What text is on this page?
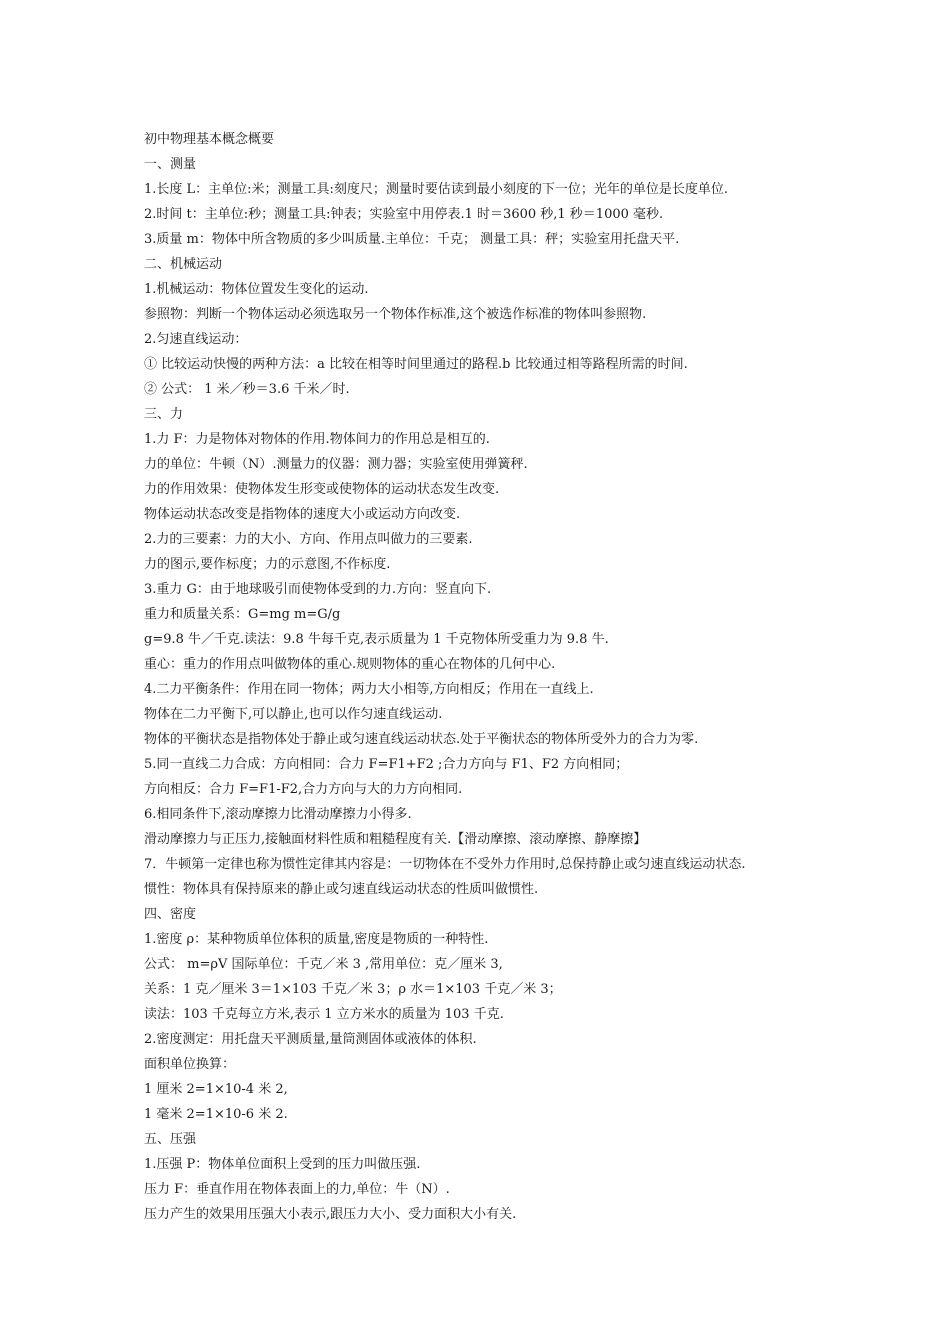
初中物理基本概念概要
一、测量
1.长度 L：主单位:米；测量工具:刻度尺；测量时要估读到最小刻度的下一位；光年的单位是长度单位.
2.时间 t：主单位:秒；测量工具:钟表；实验室中用停表.1 时＝3600 秒,1 秒＝1000 毫秒.
3.质量 m：物体中所含物质的多少叫质量.主单位：千克； 测量工具：秤；实验室用托盘天平.
二、机械运动
1.机械运动：物体位置发生变化的运动.
参照物：判断一个物体运动必须选取另一个物体作标准,这个被选作标准的物体叫参照物.
2.匀速直线运动：
① 比较运动快慢的两种方法：a 比较在相等时间里通过的路程.b 比较通过相等路程所需的时间.
② 公式： 1 米／秒＝3.6 千米／时.
三、力
1.力 F：力是物体对物体的作用.物体间力的作用总是相互的.
力的单位：牛顿（N）.测量力的仪器：测力器；实验室使用弹簧秤.
力的作用效果：使物体发生形变或使物体的运动状态发生改变.
物体运动状态改变是指物体的速度大小或运动方向改变.
2.力的三要素：力的大小、方向、作用点叫做力的三要素.
力的图示,要作标度；力的示意图,不作标度.
3.重力 G：由于地球吸引而使物体受到的力.方向：竖直向下.
重力和质量关系：G=mg m=G/g
g=9.8 牛／千克.读法：9.8 牛每千克,表示质量为 1 千克物体所受重力为 9.8 牛.
重心：重力的作用点叫做物体的重心.规则物体的重心在物体的几何中心.
4.二力平衡条件：作用在同一物体；两力大小相等,方向相反；作用在一直线上.
物体在二力平衡下,可以静止,也可以作匀速直线运动.
物体的平衡状态是指物体处于静止或匀速直线运动状态.处于平衡状态的物体所受外力的合力为零.
5.同一直线二力合成：方向相同：合力 F=F1+F2 ;合力方向与 F1、F2 方向相同；
方向相反：合力 F=F1-F2,合力方向与大的力方向相同.
6.相同条件下,滚动摩擦力比滑动摩擦力小得多.
滑动摩擦力与正压力,接触面材料性质和粗糙程度有关.【滑动摩擦、滚动摩擦、静摩擦】
7．牛顿第一定律也称为惯性定律其内容是：一切物体在不受外力作用时,总保持静止或匀速直线运动状态.
惯性：物体具有保持原来的静止或匀速直线运动状态的性质叫做惯性.
四、密度
1.密度 ρ：某种物质单位体积的质量,密度是物质的一种特性.
公式： m=ρV 国际单位：千克／米 3 ,常用单位：克／厘米 3,
关系：1 克／厘米 3＝1×103 千克／米 3；ρ 水＝1×103 千克／米 3；
读法：103 千克每立方米,表示 1 立方米水的质量为 103 千克.
2.密度测定：用托盘天平测质量,量筒测固体或液体的体积.
面积单位换算：
1 厘米 2=1×10-4 米 2,
1 毫米 2=1×10-6 米 2.
五、压强
1.压强 P：物体单位面积上受到的压力叫做压强.
压力 F：垂直作用在物体表面上的力,单位：牛（N）.
压力产生的效果用压强大小表示,跟压力大小、受力面积大小有关.
